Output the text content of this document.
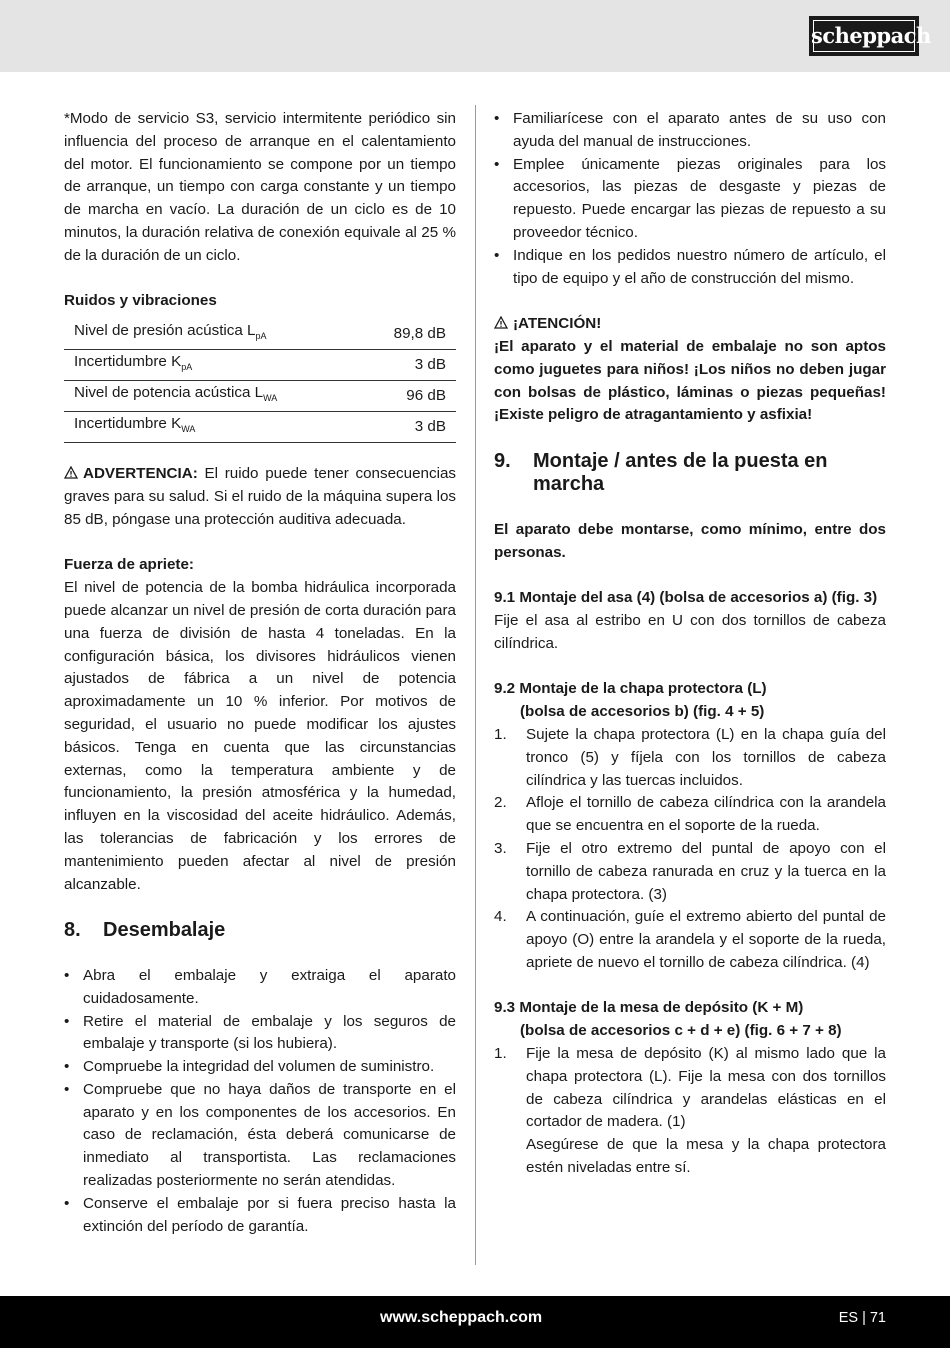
scheppach

*Modo de servicio S3, servicio intermitente periódico sin influencia del proceso de arranque en el calentamiento del motor. El funcionamiento se compone por un tiempo de arranque, un tiempo con carga constante y un tiempo de marcha en vacío. La duración de un ciclo es de 10 minutos, la duración relativa de conexión equivale al 25 % de la duración de un ciclo.

Ruidos y vibraciones

Nivel de presión acústica $L_{pA}$	89,8 dB
Incertidumbre $K_{pA}$	3 dB
Nivel de potencia acústica $L_{WA}$	96 dB
Incertidumbre $K_{WA}$	3 dB

ADVERTENCIA: El ruido puede tener consecuencias graves para su salud. Si el ruido de la máquina supera los 85 dB, póngase una protección auditiva adecuada.

Fuerza de apriete:

El nivel de potencia de la bomba hidráulica incorporada puede alcanzar un nivel de presión de corta duración para una fuerza de división de hasta 4 toneladas. En la configuración básica, los divisores hidráulicos vienen ajustados de fábrica a un nivel de potencia aproximadamente un 10 % inferior. Por motivos de seguridad, el usuario no puede modificar los ajustes básicos. Tenga en cuenta que las circunstancias externas, como la temperatura ambiente y de funcionamiento, la presión atmosférica y la humedad, influyen en la viscosidad del aceite hidráulico. Además, las tolerancias de fabricación y los errores de mantenimiento pueden afectar al nivel de presión alcanzable.

8.	Desembalaje
• Abra el embalaje y extraiga el aparato cuidadosamente.
• Retire el material de embalaje y los seguros de embalaje y transporte (si los hubiera).
• Compruebe la integridad del volumen de suministro.
• Compruebe que no haya daños de transporte en el aparato y en los componentes de los accesorios. En caso de reclamación, ésta deberá comunicarse de inmediato al transportista. Las reclamaciones realizadas posteriormente no serán atendidas.
• Conserve el embalaje por si fuera preciso hasta la extinción del período de garantía.
• Familiarícese con el aparato antes de su uso con ayuda del manual de instrucciones.
• Emplee únicamente piezas originales para los accesorios, las piezas de desgaste y piezas de repuesto. Puede encargar las piezas de repuesto a su proveedor técnico.
• Indique en los pedidos nuestro número de artículo, el tipo de equipo y el año de construcción del mismo.

¡ATENCIÓN!

¡El aparato y el material de embalaje no son aptos como juguetes para niños! ¡Los niños no deben jugar con bolsas de plástico, láminas o piezas pequeñas! ¡Existe peligro de atragantamiento y asfixia!

9.	Montaje / antes de la puesta en marcha

El aparato debe montarse, como mínimo, entre dos personas.

9.1 Montaje del asa (4) (bolsa de accesorios a) (fig. 3)

Fije el asa al estribo en U con dos tornillos de cabeza cilíndrica.

9.2 Montaje de la chapa protectora (L)

(bolsa de accesorios b) (fig. 4 + 5)

1. Sujete la chapa protectora (L) en la chapa guía del tronco (5) y fíjela con los tornillos de cabeza cilíndrica y las tuercas incluidos.
2. Afloje el tornillo de cabeza cilíndrica con la arandela que se encuentra en el soporte de la rueda.
3. Fije el otro extremo del puntal de apoyo con el tornillo de cabeza ranurada en cruz y la tuerca en la chapa protectora. (3)
4. A continuación, guíe el extremo abierto del puntal de apoyo (O) entre la arandela y el soporte de la rueda, apriete de nuevo el tornillo de cabeza cilíndrica. (4)

9.3 Montaje de la mesa de depósito (K + M)

(bolsa de accesorios c + d + e) (fig. 6 + 7 + 8)

1. Fije la mesa de depósito (K) al mismo lado que la chapa protectora (L). Fije la mesa con dos tornillos de cabeza cilíndrica y arandelas elásticas en el cortador de madera. (1)
Asegúrese de que la mesa y la chapa protectora estén niveladas entre sí.
www.scheppach.com	ES | 71
